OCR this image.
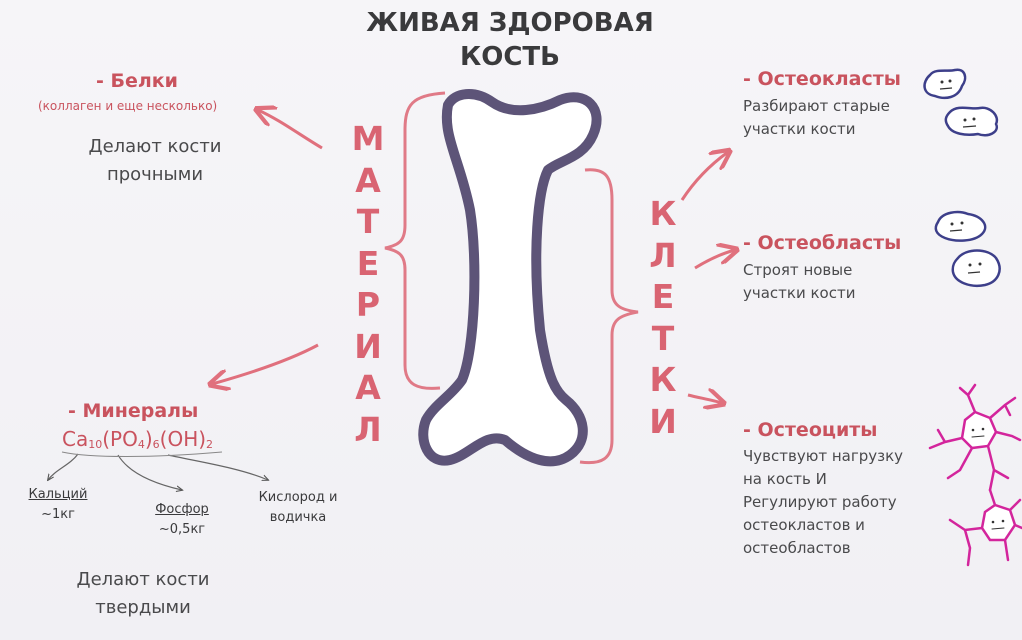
ЖИВАЯ ЗДОРОВАЯ
КОСТЬ
М
А
Т
Е
Р
И
А
Л
К
Л
Е
Т
К
И
- Белки
(коллаген и еще несколько)
Делают кости
прочными
- Минералы
$Ca_{10}(PO_4)_6(OH)_2$
Кальций
~1кг	Фосфор
~0,5кг
Кислород и
водичка
Делают кости
твердыми
- Остеокласты
Разбирают старые
участки кости
- Остеобласты
Строят новые
участки кости
- Остеоциты
Чувствуют нагрузку
на кость И
Регулируют работу
остеокластов и
остеобластов
